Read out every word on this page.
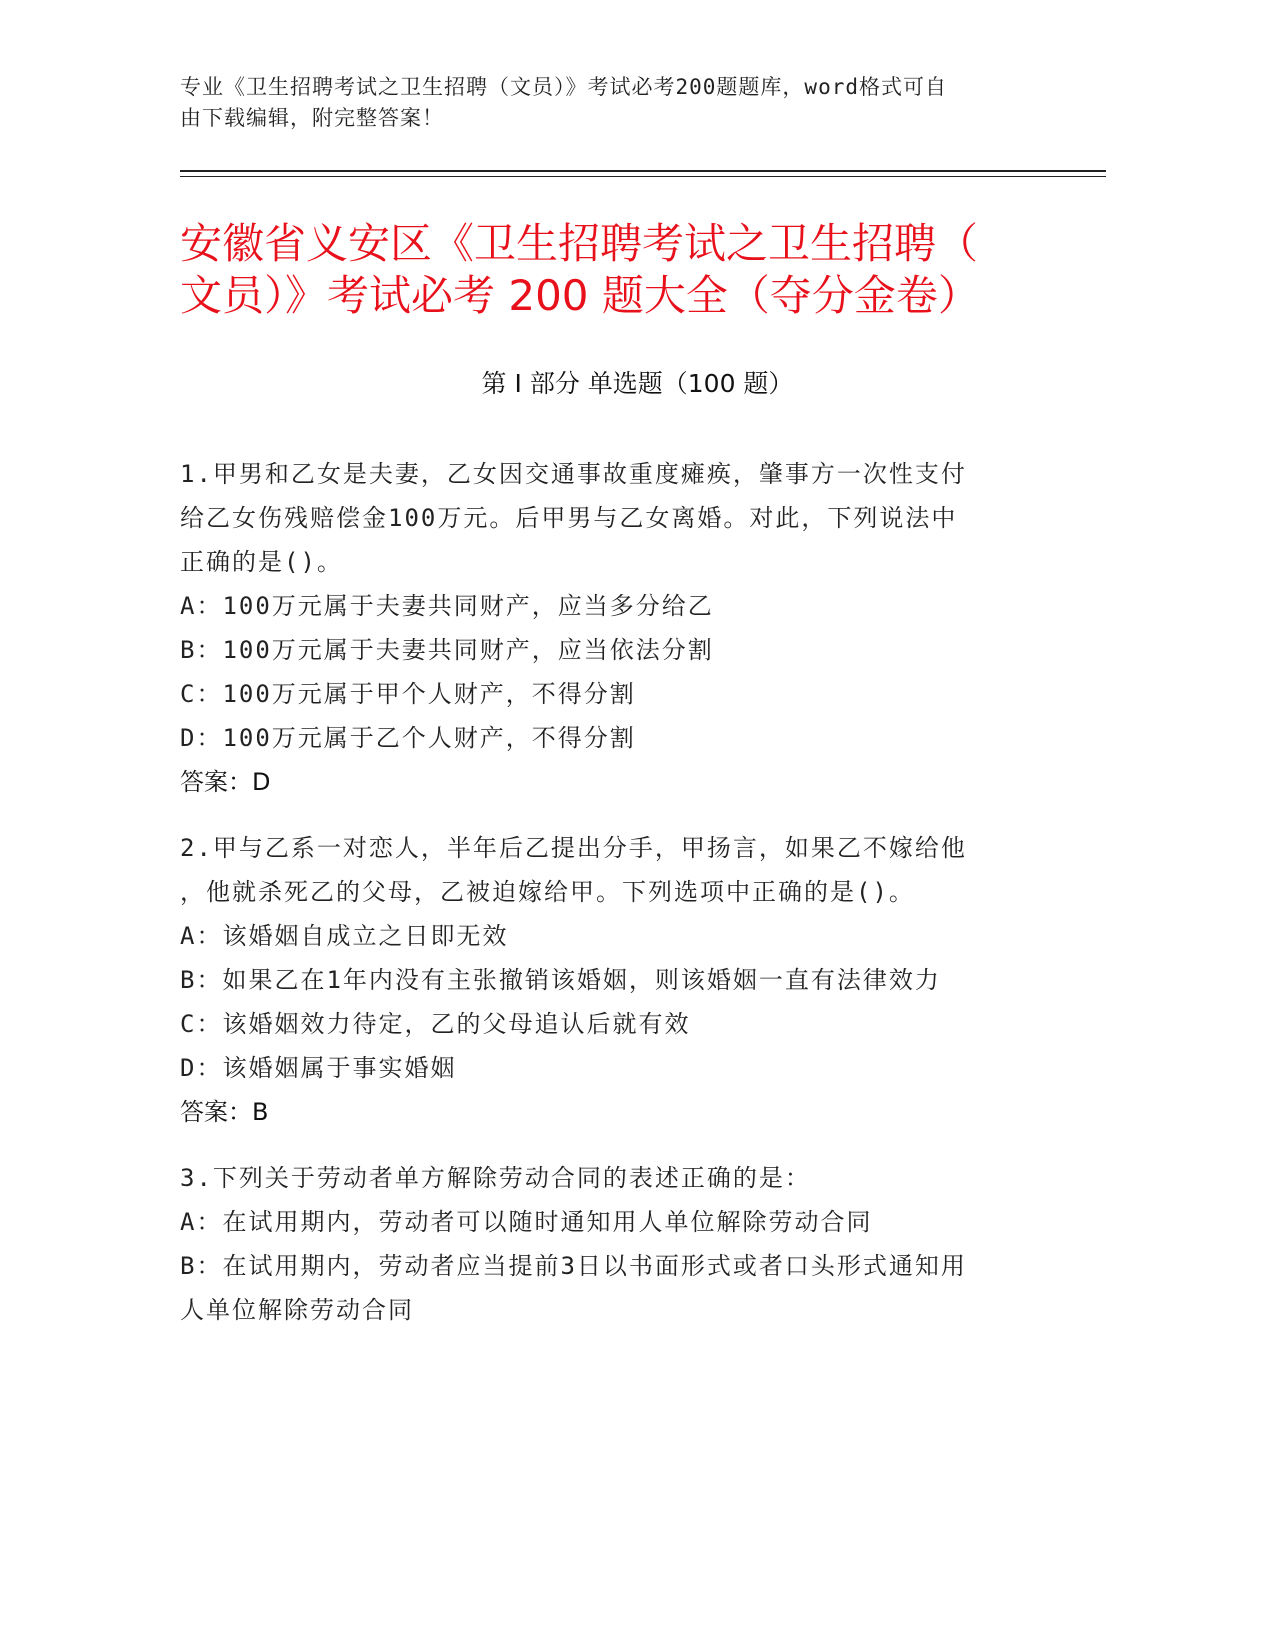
专业《卫生招聘考试之卫生招聘（文员）》考试必考200题题库，word格式可自
由下载编辑，附完整答案！
安徽省义安区《卫生招聘考试之卫生招聘（
文员）》考试必考 200 题大全（夺分金卷）
第 I 部分 单选题（100 题）
1.甲男和乙女是夫妻，乙女因交通事故重度瘫痪，肇事方一次性支付
给乙女伤残赔偿金100万元。后甲男与乙女离婚。对此，下列说法中
正确的是()。
A：100万元属于夫妻共同财产，应当多分给乙
B：100万元属于夫妻共同财产，应当依法分割
C：100万元属于甲个人财产，不得分割
D：100万元属于乙个人财产，不得分割
答案：D
2.甲与乙系一对恋人，半年后乙提出分手，甲扬言，如果乙不嫁给他
，他就杀死乙的父母，乙被迫嫁给甲。下列选项中正确的是()。
A：该婚姻自成立之日即无效
B：如果乙在1年内没有主张撤销该婚姻，则该婚姻一直有法律效力
C：该婚姻效力待定，乙的父母追认后就有效
D：该婚姻属于事实婚姻
答案：B
3.下列关于劳动者单方解除劳动合同的表述正确的是：
A：在试用期内，劳动者可以随时通知用人单位解除劳动合同
B：在试用期内，劳动者应当提前3日以书面形式或者口头形式通知用
人单位解除劳动合同
